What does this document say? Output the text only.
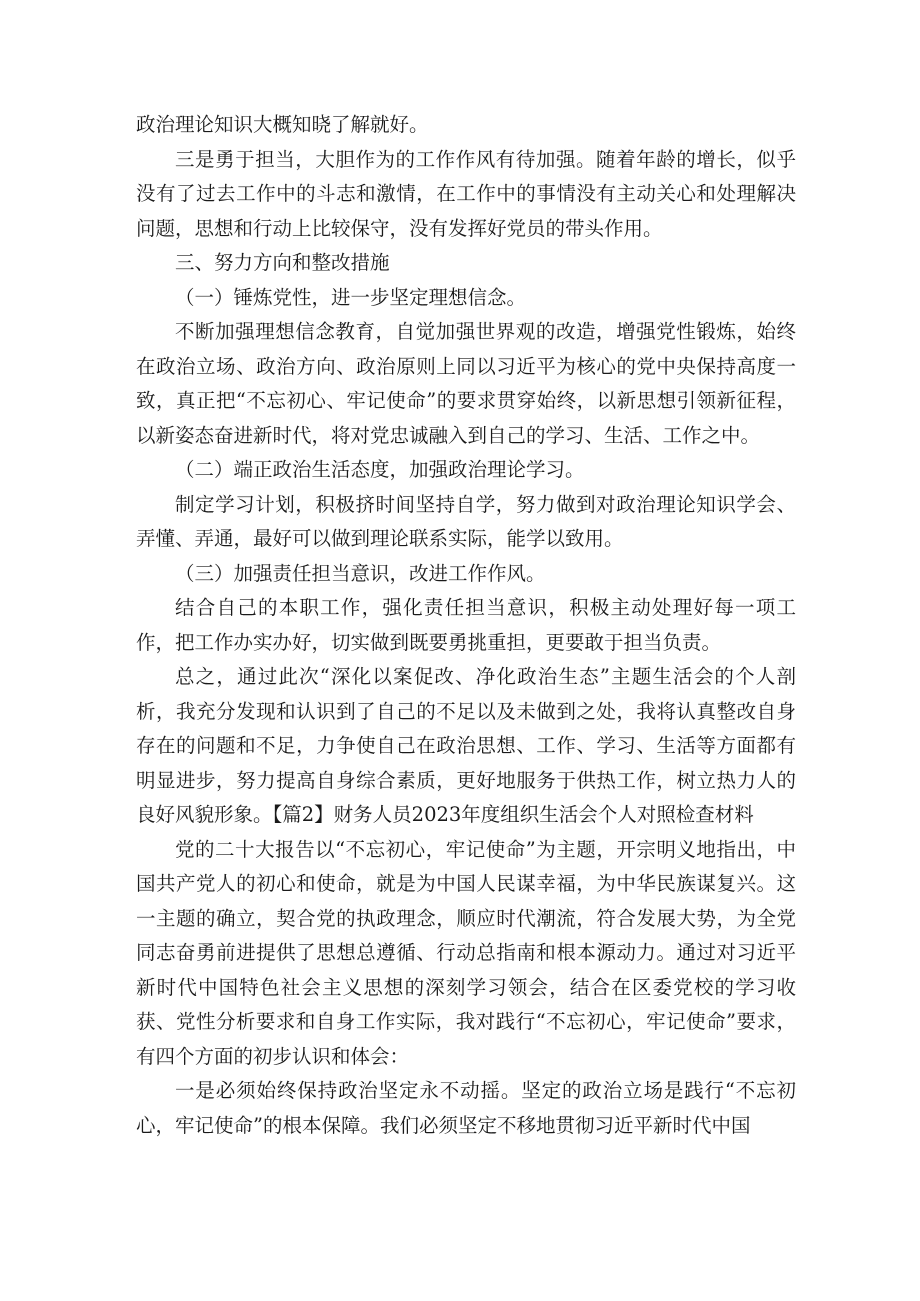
政治理论知识大概知晓了解就好。

三是勇于担当，大胆作为的工作作风有待加强。随着年龄的增长，似乎没有了过去工作中的斗志和激情，在工作中的事情没有主动关心和处理解决问题，思想和行动上比较保守，没有发挥好党员的带头作用。

三、努力方向和整改措施

（一）锤炼党性，进一步坚定理想信念。

不断加强理想信念教育，自觉加强世界观的改造，增强党性锻炼，始终在政治立场、政治方向、政治原则上同以习近平为核心的党中央保持高度一致，真正把“不忘初心、牢记使命”的要求贯穿始终，以新思想引领新征程，以新姿态奋进新时代，将对党忠诚融入到自己的学习、生活、工作之中。

（二）端正政治生活态度，加强政治理论学习。

制定学习计划，积极挤时间坚持自学，努力做到对政治理论知识学会、弄懂、弄通，最好可以做到理论联系实际，能学以致用。

（三）加强责任担当意识，改进工作作风。

结合自己的本职工作，强化责任担当意识，积极主动处理好每一项工作，把工作办实办好，切实做到既要勇挑重担，更要敢于担当负责。

总之，通过此次“深化以案促改、净化政治生态”主题生活会的个人剖析，我充分发现和认识到了自己的不足以及未做到之处，我将认真整改自身存在的问题和不足，力争使自己在政治思想、工作、学习、生活等方面都有明显进步，努力提高自身综合素质，更好地服务于供热工作，树立热力人的良好风貌形象。【篇2】财务人员2023年度组织生活会个人对照检查材料

党的二十大报告以“不忘初心，牢记使命”为主题，开宗明义地指出，中国共产党人的初心和使命，就是为中国人民谋幸福，为中华民族谋复兴。这一主题的确立，契合党的执政理念，顺应时代潮流，符合发展大势，为全党同志奋勇前进提供了思想总遵循、行动总指南和根本源动力。通过对习近平新时代中国特色社会主义思想的深刻学习领会，结合在区委党校的学习收获、党性分析要求和自身工作实际，我对践行“不忘初心，牢记使命”要求，有四个方面的初步认识和体会：

一是必须始终保持政治坚定永不动摇。坚定的政治立场是践行“不忘初心，牢记使命”的根本保障。我们必须坚定不移地贯彻习近平新时代中国
